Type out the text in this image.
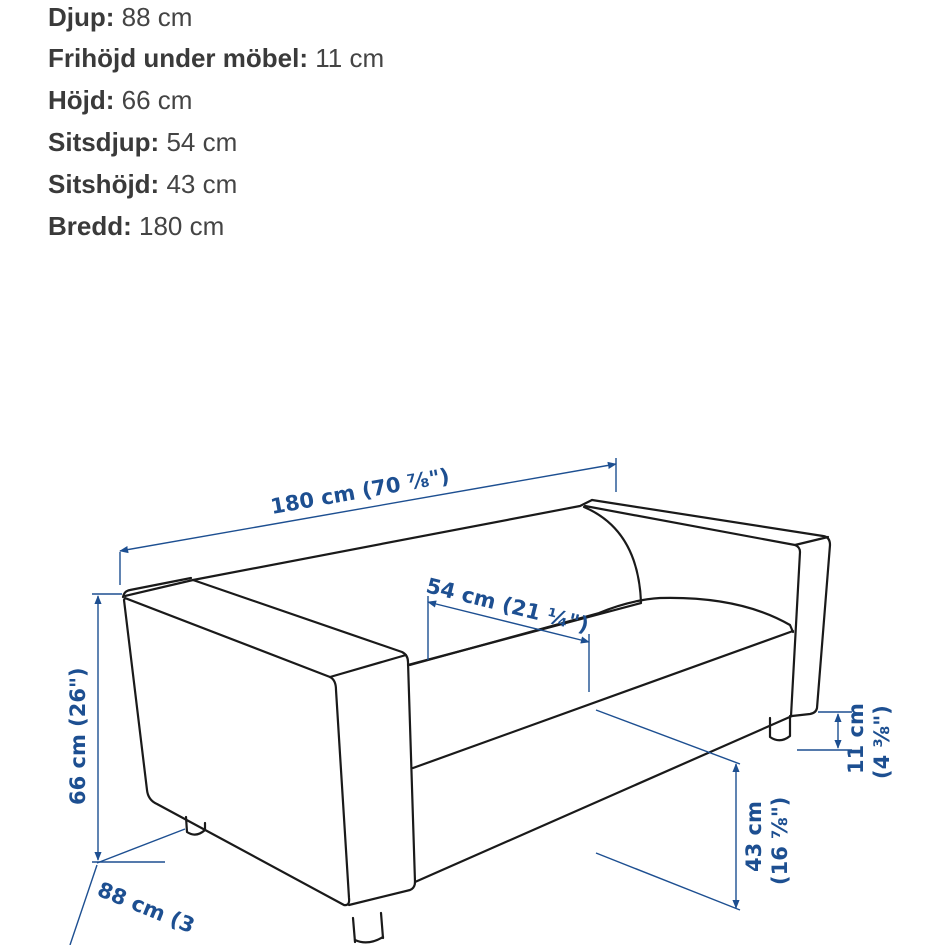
Djup: 88 cm
Frihöjd under möbel: 11 cm
Höjd: 66 cm
Sitsdjup: 54 cm
Sitshöjd: 43 cm
Bredd: 180 cm
180 cm (70 ⅞")
54 cm (21 ¼")
66 cm (26")
88 cm (3
11 cm (4 ⅜")
43 cm (16 ⅞")
